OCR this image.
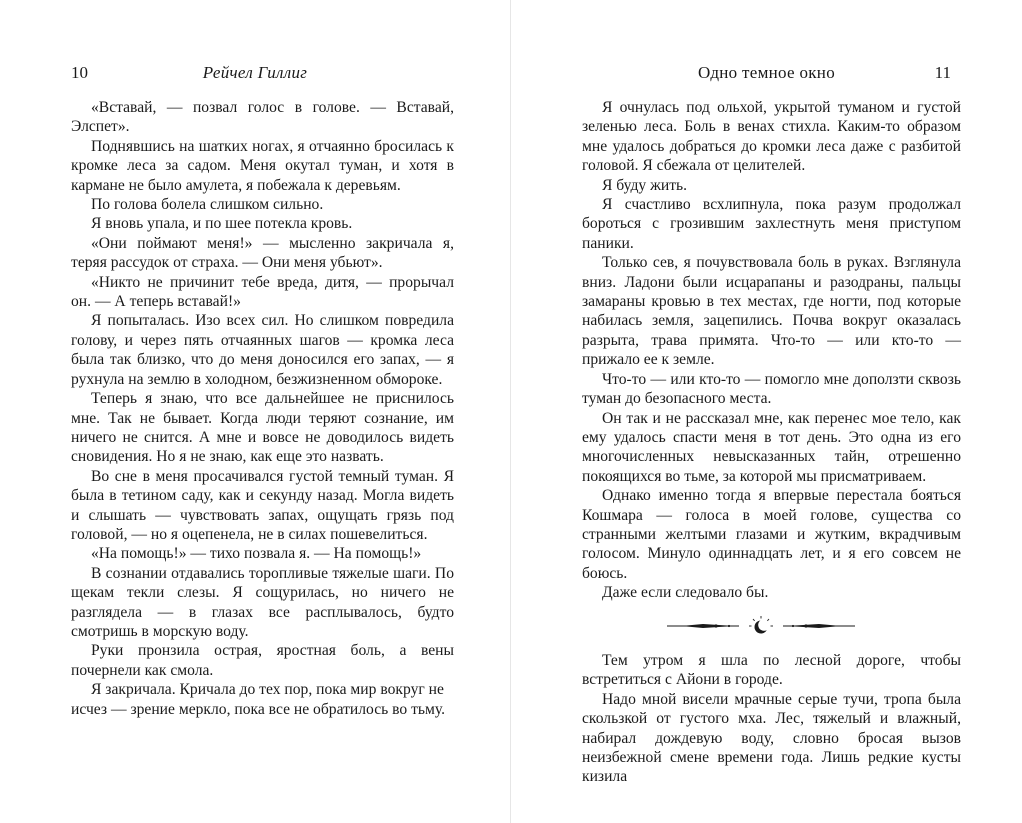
10	Рейчел Гиллиг

«Вставай, — позвал голос в голове. — Вставай, Элспет».

Поднявшись на шатких ногах, я отчаянно бросилась к кромке леса за садом. Меня окутал туман, и хотя в кармане не было амулета, я побежала к деревьям.

По голова болела слишком сильно.

Я вновь упала, и по шее потекла кровь.

«Они поймают меня!» — мысленно закричала я, теряя рассудок от страха. — Они меня убьют».

«Никто не причинит тебе вреда, дитя, — прорычал он. — А теперь вставай!»

Я попыталась. Изо всех сил. Но слишком повредила голову, и через пять отчаянных шагов — кромка леса была так близко, что до меня доносился его запах, — я рухнула на землю в холодном, безжизненном обмороке.

Теперь я знаю, что все дальнейшее не приснилось мне. Так не бывает. Когда люди теряют сознание, им ничего не снится. А мне и вовсе не доводилось видеть сновидения. Но я не знаю, как еще это назвать.

Во сне в меня просачивался густой темный туман. Я была в тетином саду, как и секунду назад. Могла видеть и слышать — чувствовать запах, ощущать грязь под головой, — но я оцепенела, не в силах пошевелиться.

«На помощь!» — тихо позвала я. — На помощь!»

В сознании отдавались торопливые тяжелые шаги. По щекам текли слезы. Я сощурилась, но ничего не разглядела — в глазах все расплывалось, будто смотришь в морскую воду.

Руки пронзила острая, яростная боль, а вены почернели как смола.

Я закричала. Кричала до тех пор, пока мир вокруг не исчез — зрение меркло, пока все не обратилось во тьму.

Одно темное окно	11

Я очнулась под ольхой, укрытой туманом и густой зеленью леса. Боль в венах стихла. Каким-то образом мне удалось добраться до кромки леса даже с разбитой головой. Я сбежала от целителей.

Я буду жить.

Я счастливо всхлипнула, пока разум продолжал бороться с грозившим захлестнуть меня приступом паники.

Только сев, я почувствовала боль в руках. Взглянула вниз. Ладони были исцарапаны и разодраны, пальцы замараны кровью в тех местах, где ногти, под которые набилась земля, зацепились. Почва вокруг оказалась разрыта, трава примята. Что-то — или кто-то — прижало ее к земле.

Что-то — или кто-то — помогло мне доползти сквозь туман до безопасного места.

Он так и не рассказал мне, как перенес мое тело, как ему удалось спасти меня в тот день. Это одна из его многочисленных невысказанных тайн, отрешенно покоящихся во тьме, за которой мы присматриваем.

Однако именно тогда я впервые перестала бояться Кошмара — голоса в моей голове, существа со странными желтыми глазами и жутким, вкрадчивым голосом. Минуло одиннадцать лет, и я его совсем не боюсь.

Даже если следовало бы.

Тем утром я шла по лесной дороге, чтобы встретиться с Айони в городе.

Надо мной висели мрачные серые тучи, тропа была скользкой от густого мха. Лес, тяжелый и влажный, набирал дождевую воду, словно бросая вызов неизбежной смене времени года. Лишь редкие кусты кизила
